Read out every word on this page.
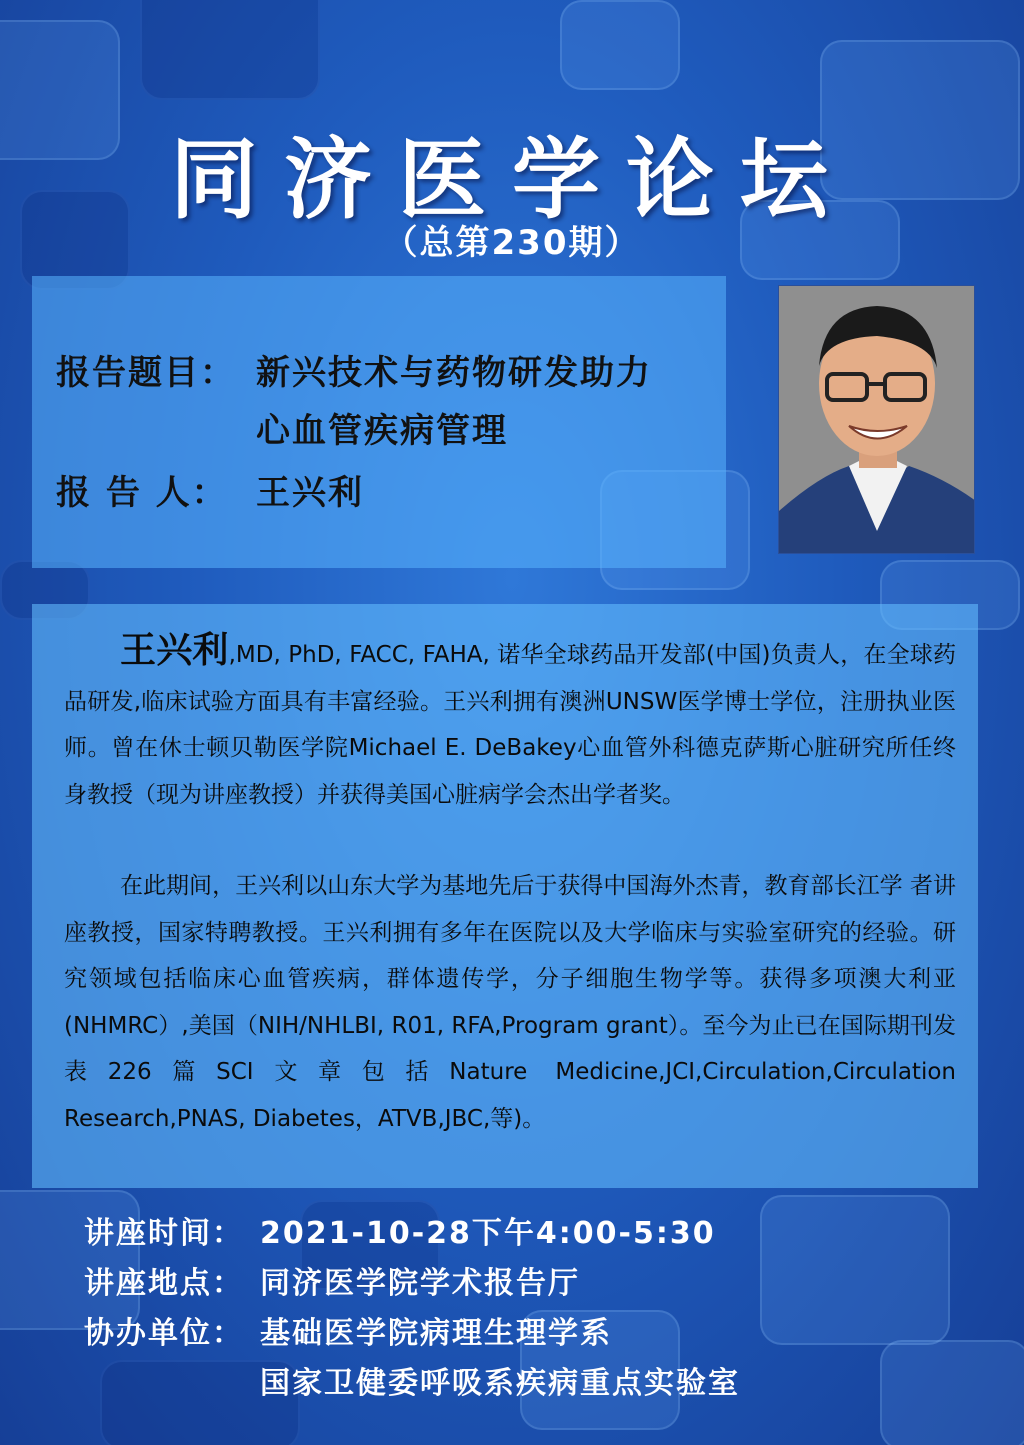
同济医学论坛
（总第230期）
报告题目： 新兴技术与药物研发助力
心血管疾病管理
报 告 人： 王兴利
王兴利,MD, PhD, FACC, FAHA, 诺华全球药品开发部(中国)负责人，在全球药品研发,临床试验方面具有丰富经验。王兴利拥有澳洲UNSW医学博士学位，注册执业医师。曾在休士顿贝勒医学院Michael E. DeBakey心血管外科德克萨斯心脏研究所任终身教授（现为讲座教授）并获得美国心脏病学会杰出学者奖。
在此期间，王兴利以山东大学为基地先后于获得中国海外杰青，教育部长江学 者讲座教授，国家特聘教授。王兴利拥有多年在医院以及大学临床与实验室研究的经验。研究领域包括临床心血管疾病，群体遗传学，分子细胞生物学等。获得多项澳大利亚(NHMRC）,美国（NIH/NHLBI, R01, RFA,Program grant）。至今为止已在国际期刊发表226篇SCI文章包括Nature Medicine,JCI,Circulation,Circulation Research,PNAS, Diabetes，ATVB,JBC,等)。
讲座时间： 2021-10-28下午4:00-5:30
讲座地点： 同济医学院学术报告厅
协办单位： 基础医学院病理生理学系
国家卫健委呼吸系疾病重点实验室
